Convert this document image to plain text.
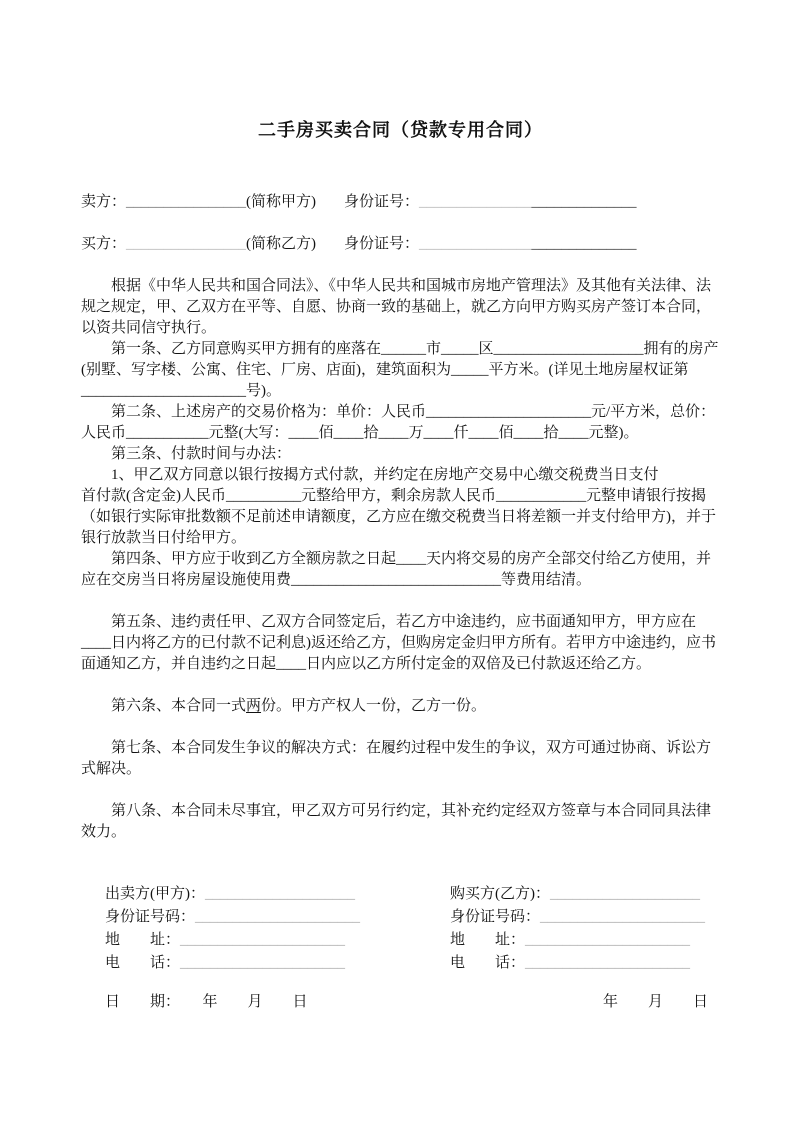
二手房买卖合同（贷款专用合同）
卖方：________________(简称甲方) 身份证号：_____________________________
买方：________________(简称乙方) 身份证号：_____________________________

根据《中华人民共和国合同法》、《中华人民共和国城市房地产管理法》及其他有关法律、法规之规定，甲、乙双方在平等、自愿、协商一致的基础上，就乙方向甲方购买房产签订本合同，以资共同信守执行。

第一条、乙方同意购买甲方拥有的座落在______市_____区____________________拥有的房产(别墅、写字楼、公寓、住宅、厂房、店面)，建筑面积为_____平方米。(详见土地房屋权证第______________________号)。

第二条、上述房产的交易价格为：单价：人民币______________________元/平方米，总价：人民币___________元整(大写：____佰____拾____万____仟____佰____拾____元整)。

第三条、付款时间与办法：

1、甲乙双方同意以银行按揭方式付款，并约定在房地产交易中心缴交税费当日支付

首付款(含定金)人民币__________元整给甲方，剩余房款人民币____________元整申请银行按揭（如银行实际审批数额不足前述申请额度，乙方应在缴交税费当日将差额一并支付给甲方)，并于银行放款当日付给甲方。

第四条、甲方应于收到乙方全额房款之日起____天内将交易的房产全部交付给乙方使用，并应在交房当日将房屋设施使用费____________________________等费用结清。

第五条、违约责任甲、乙双方合同签定后，若乙方中途违约，应书面通知甲方，甲方应在____日内将乙方的已付款不记利息)返还给乙方，但购房定金归甲方所有。若甲方中途违约，应书面通知乙方，并自违约之日起____日内应以乙方所付定金的双倍及已付款返还给乙方。

第六条、本合同一式两份。甲方产权人一份，乙方一份。

第七条、本合同发生争议的解决方式：在履约过程中发生的争议，双方可通过协商、诉讼方式解决。

第八条、本合同未尽事宜，甲乙双方可另行约定，其补充约定经双方签章与本合同同具法律效力。

出卖方(甲方)：____________________
身份证号码：______________________
地　　址：______________________
电　　话：______________________
购买方(乙方)：____________________
身份证号码：______________________
地　　址：______________________
电　　话：______________________
日　　期：　　年　　月　　日	年　　月　　日
